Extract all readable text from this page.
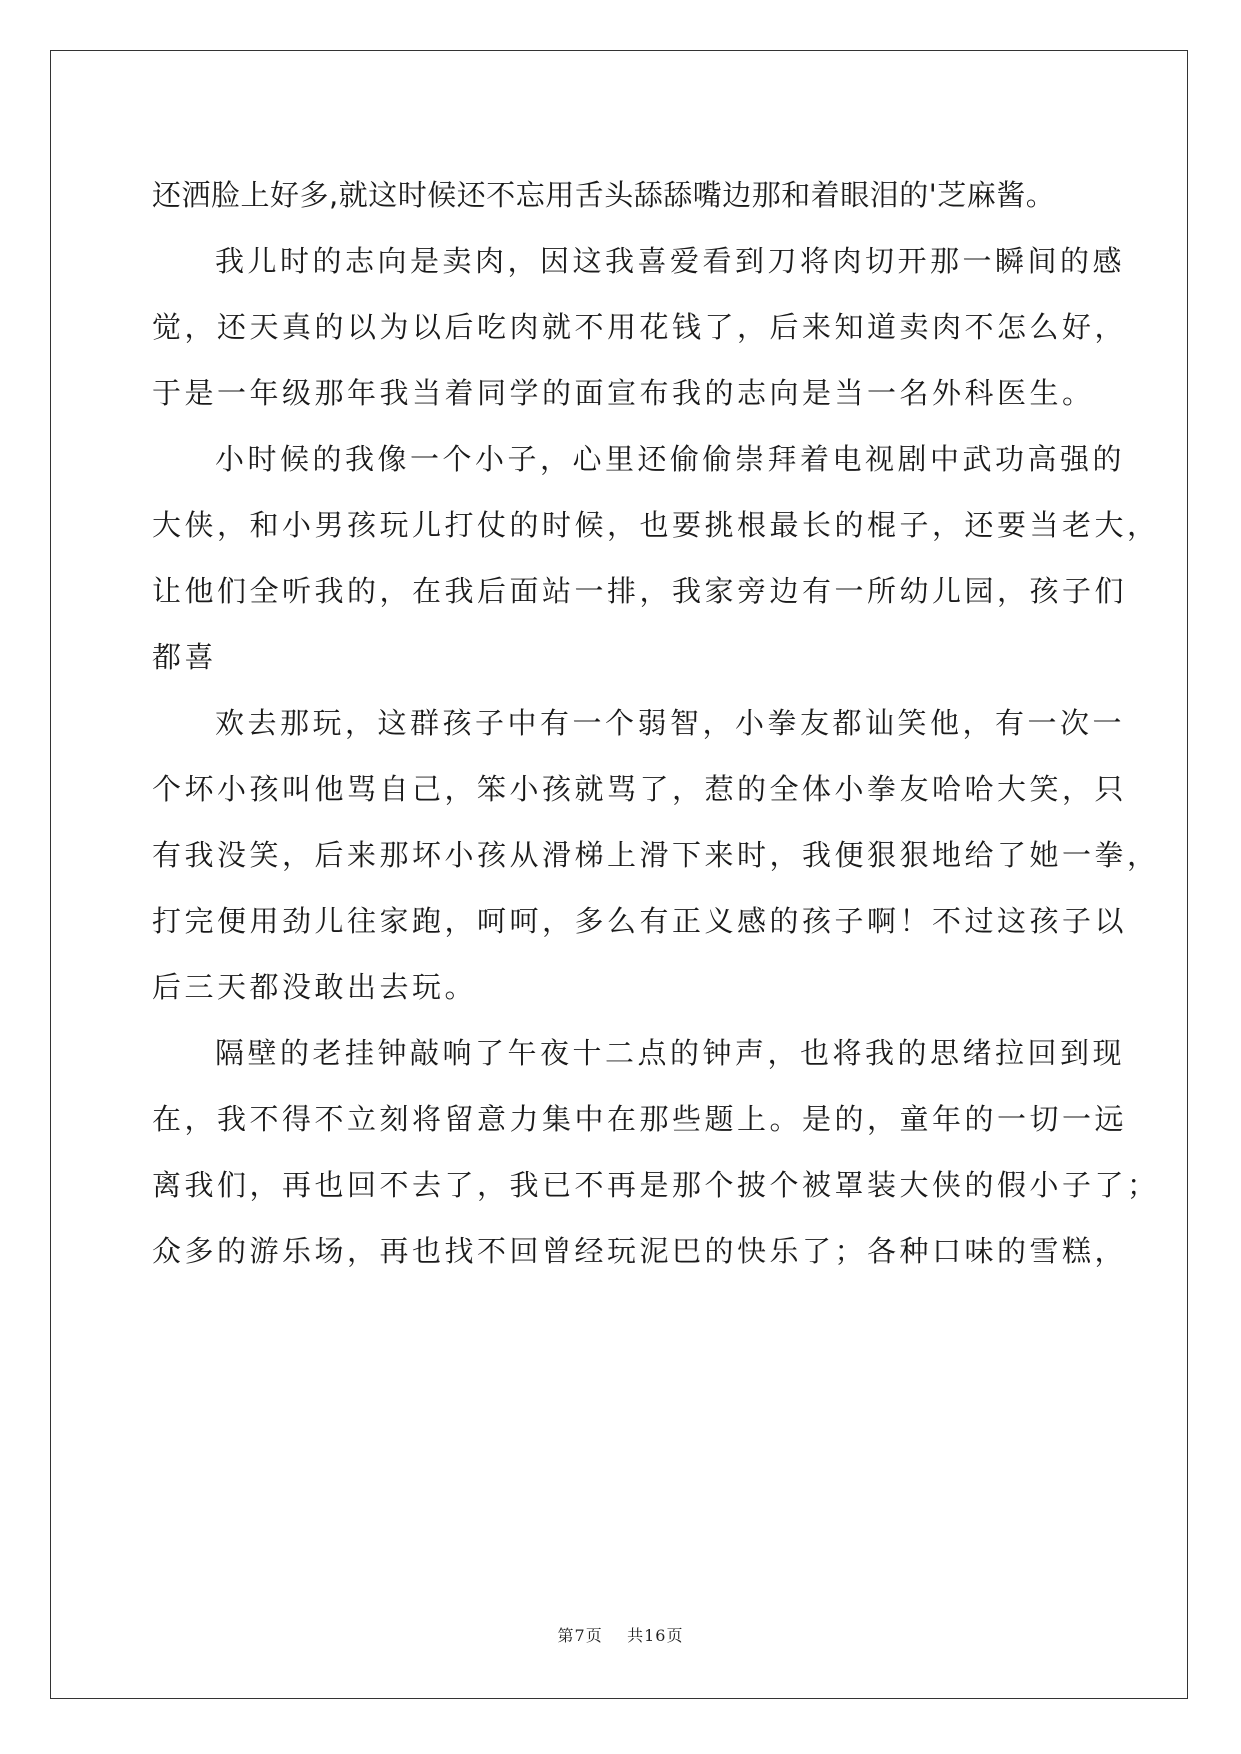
还洒脸上好多,就这时候还不忘用舌头舔舔嘴边那和着眼泪的'芝麻酱。
我儿时的志向是卖肉，因这我喜爱看到刀将肉切开那一瞬间的感
觉，还天真的以为以后吃肉就不用花钱了，后来知道卖肉不怎么好，
于是一年级那年我当着同学的面宣布我的志向是当一名外科医生。
小时候的我像一个小子，心里还偷偷崇拜着电视剧中武功高强的
大侠，和小男孩玩儿打仗的时候，也要挑根最长的棍子，还要当老大，
让他们全听我的，在我后面站一排，我家旁边有一所幼儿园，孩子们
都喜
欢去那玩，这群孩子中有一个弱智，小拳友都讪笑他，有一次一
个坏小孩叫他骂自己，笨小孩就骂了，惹的全体小拳友哈哈大笑，只
有我没笑，后来那坏小孩从滑梯上滑下来时，我便狠狠地给了她一拳，
打完便用劲儿往家跑，呵呵，多么有正义感的孩子啊！不过这孩子以
后三天都没敢出去玩。
隔壁的老挂钟敲响了午夜十二点的钟声，也将我的思绪拉回到现
在，我不得不立刻将留意力集中在那些题上。是的，童年的一切一远
离我们，再也回不去了，我已不再是那个披个被罩装大侠的假小子了；
众多的游乐场，再也找不回曾经玩泥巴的快乐了；各种口味的雪糕，
第7页 共16页
